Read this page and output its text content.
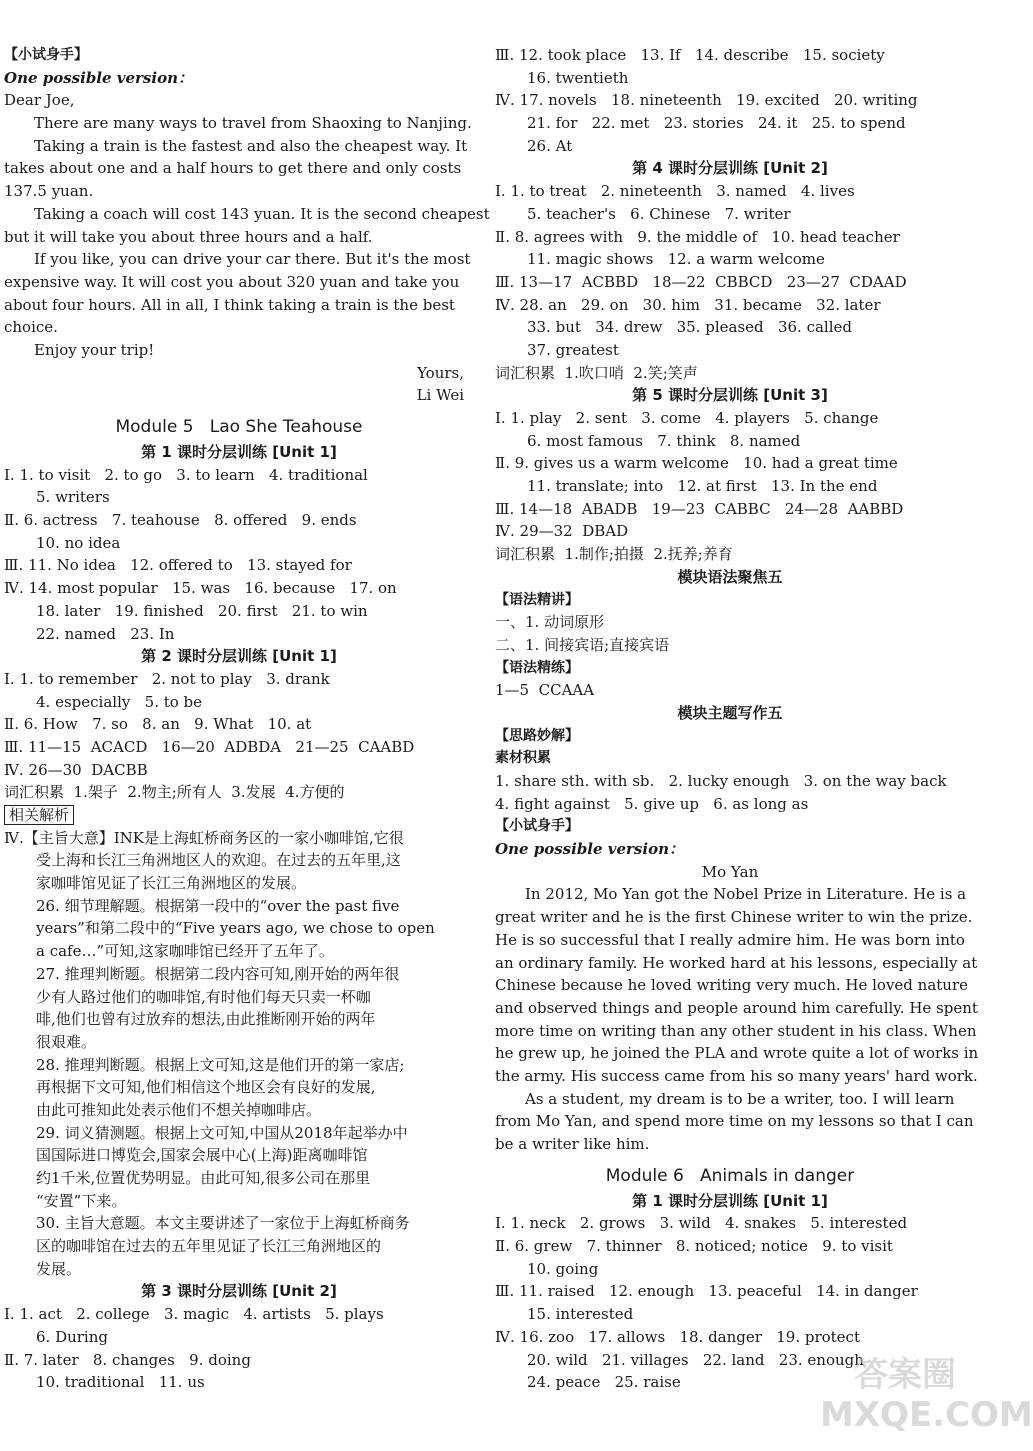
【小试身手】
One possible version：
Dear Joe,
There are many ways to travel from Shaoxing to Nanjing.
Taking a train is the fastest and also the cheapest way. It
takes about one and a half hours to get there and only costs
137.5 yuan.
Taking a coach will cost 143 yuan. It is the second cheapest
but it will take you about three hours and a half.
If you like, you can drive your car there. But it's the most
expensive way. It will cost you about 320 yuan and take you
about four hours. All in all, I think taking a train is the best
choice.
Enjoy your trip!
Yours,
Li Wei
Module 5   Lao She Teahouse
第 1 课时分层训练 [Unit 1]
Ⅰ. 1. to visit   2. to go   3. to learn   4. traditional
5. writers
Ⅱ. 6. actress   7. teahouse   8. offered   9. ends
10. no idea
Ⅲ. 11. No idea   12. offered to   13. stayed for
Ⅳ. 14. most popular   15. was   16. because   17. on
18. later   19. finished   20. first   21. to win
22. named   23. In
第 2 课时分层训练 [Unit 1]
Ⅰ. 1. to remember   2. not to play   3. drank
4. especially   5. to be
Ⅱ. 6. How   7. so   8. an   9. What   10. at
Ⅲ. 11—15  ACACD   16—20  ADBDA   21—25  CAABD
Ⅳ. 26—30  DACBB
词汇积累  1.架子  2.物主;所有人  3.发展  4.方便的
相关解析
Ⅳ.【主旨大意】INK是上海虹桥商务区的一家小咖啡馆,它很
受上海和长江三角洲地区人的欢迎。在过去的五年里,这
家咖啡馆见证了长江三角洲地区的发展。
26. 细节理解题。根据第一段中的“over the past five
years”和第二段中的“Five years ago, we chose to open
a cafe…”可知,这家咖啡馆已经开了五年了。
27. 推理判断题。根据第二段内容可知,刚开始的两年很
少有人路过他们的咖啡馆,有时他们每天只卖一杯咖
啡,他们也曾有过放弃的想法,由此推断刚开始的两年
很艰难。
28. 推理判断题。根据上文可知,这是他们开的第一家店;
再根据下文可知,他们相信这个地区会有良好的发展,
由此可推知此处表示他们不想关掉咖啡店。
29. 词义猜测题。根据上文可知,中国从2018年起举办中
国国际进口博览会,国家会展中心(上海)距离咖啡馆
约1千米,位置优势明显。由此可知,很多公司在那里
“安置”下来。
30. 主旨大意题。本文主要讲述了一家位于上海虹桥商务
区的咖啡馆在过去的五年里见证了长江三角洲地区的
发展。
第 3 课时分层训练 [Unit 2]
Ⅰ. 1. act   2. college   3. magic   4. artists   5. plays
6. During
Ⅱ. 7. later   8. changes   9. doing
10. traditional   11. us
Ⅲ. 12. took place   13. If   14. describe   15. society
16. twentieth
Ⅳ. 17. novels   18. nineteenth   19. excited   20. writing
21. for   22. met   23. stories   24. it   25. to spend
26. At
第 4 课时分层训练 [Unit 2]
Ⅰ. 1. to treat   2. nineteenth   3. named   4. lives
5. teacher's   6. Chinese   7. writer
Ⅱ. 8. agrees with   9. the middle of   10. head teacher
11. magic shows   12. a warm welcome
Ⅲ. 13—17  ACBBD   18—22  CBBCD   23—27  CDAAD
Ⅳ. 28. an   29. on   30. him   31. became   32. later
33. but   34. drew   35. pleased   36. called
37. greatest
词汇积累  1.吹口哨  2.笑;笑声
第 5 课时分层训练 [Unit 3]
Ⅰ. 1. play   2. sent   3. come   4. players   5. change
6. most famous   7. think   8. named
Ⅱ. 9. gives us a warm welcome   10. had a great time
11. translate; into   12. at first   13. In the end
Ⅲ. 14—18  ABADB   19—23  CABBC   24—28  AABBD
Ⅳ. 29—32  DBAD
词汇积累  1.制作;拍摄  2.抚养;养育
模块语法聚焦五
【语法精讲】
一、1. 动词原形
二、1. 间接宾语;直接宾语
【语法精练】
1—5  CCAAA
模块主题写作五
【思路妙解】
素材积累
1. share sth. with sb.   2. lucky enough   3. on the way back
4. fight against   5. give up   6. as long as
【小试身手】
One possible version：
Mo Yan
In 2012, Mo Yan got the Nobel Prize in Literature. He is a
great writer and he is the first Chinese writer to win the prize.
He is so successful that I really admire him. He was born into
an ordinary family. He worked hard at his lessons, especially at
Chinese because he loved writing very much. He loved nature
and observed things and people around him carefully. He spent
more time on writing than any other student in his class. When
he grew up, he joined the PLA and wrote quite a lot of works in
the army. His success came from his so many years' hard work.
As a student, my dream is to be a writer, too. I will learn
from Mo Yan, and spend more time on my lessons so that I can
be a writer like him.
Module 6   Animals in danger
第 1 课时分层训练 [Unit 1]
Ⅰ. 1. neck   2. grows   3. wild   4. snakes   5. interested
Ⅱ. 6. grew   7. thinner   8. noticed; notice   9. to visit
10. going
Ⅲ. 11. raised   12. enough   13. peaceful   14. in danger
15. interested
Ⅳ. 16. zoo   17. allows   18. danger   19. protect
20. wild   21. villages   22. land   23. enough
24. peace   25. raise	答案圈
MXQE.COM
